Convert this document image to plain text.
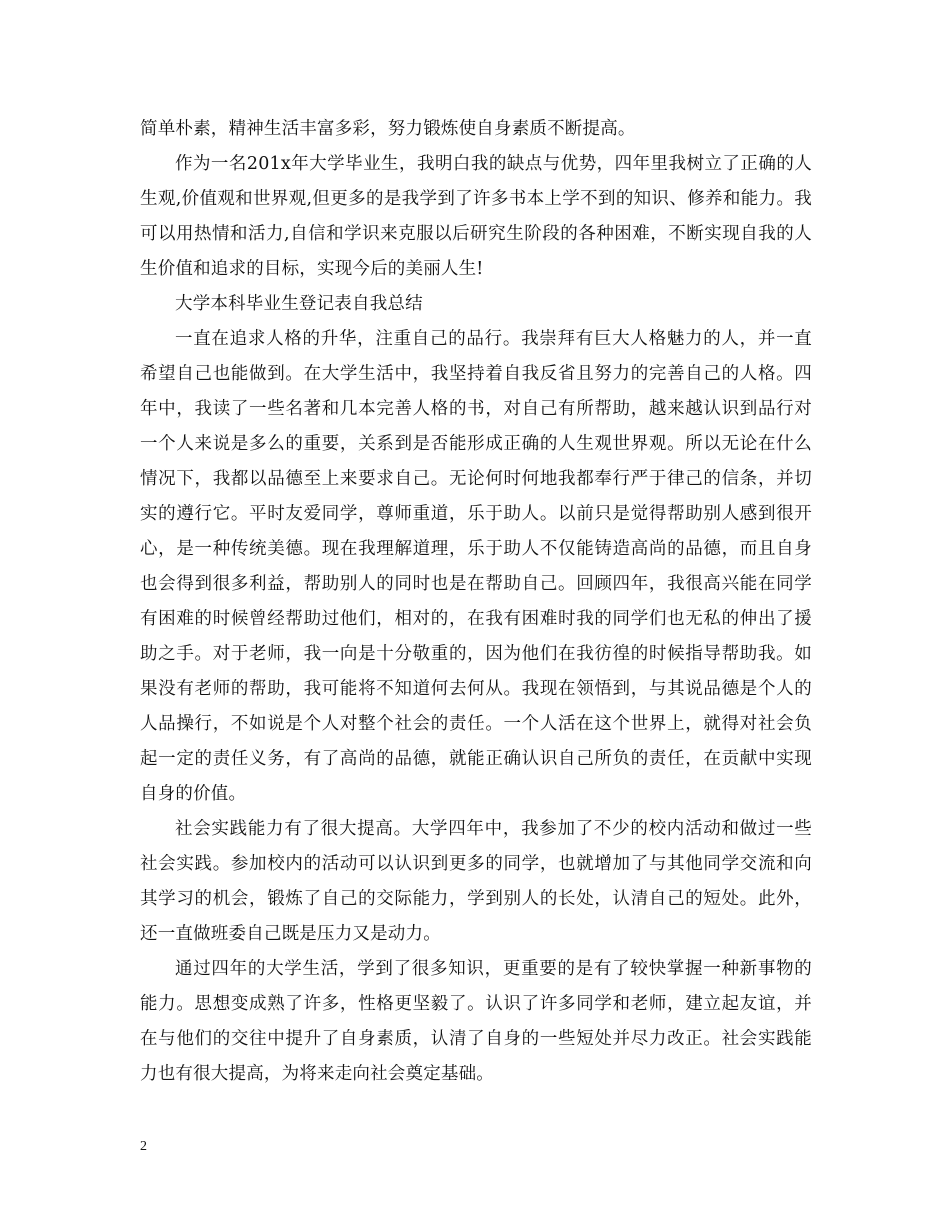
简单朴素，精神生活丰富多彩，努力锻炼使自身素质不断提高。

作为一名201x年大学毕业生，我明白我的缺点与优势，四年里我树立了正确的人生观,价值观和世界观,但更多的是我学到了许多书本上学不到的知识、修养和能力。我可以用热情和活力,自信和学识来克服以后研究生阶段的各种困难，不断实现自我的人生价值和追求的目标，实现今后的美丽人生!

大学本科毕业生登记表自我总结

一直在追求人格的升华，注重自己的品行。我崇拜有巨大人格魅力的人，并一直希望自己也能做到。在大学生活中，我坚持着自我反省且努力的完善自己的人格。四年中，我读了一些名著和几本完善人格的书，对自己有所帮助，越来越认识到品行对一个人来说是多么的重要，关系到是否能形成正确的人生观世界观。所以无论在什么情况下，我都以品德至上来要求自己。无论何时何地我都奉行严于律己的信条，并切实的遵行它。平时友爱同学，尊师重道，乐于助人。以前只是觉得帮助别人感到很开心，是一种传统美德。现在我理解道理，乐于助人不仅能铸造高尚的品德，而且自身也会得到很多利益，帮助别人的同时也是在帮助自己。回顾四年，我很高兴能在同学有困难的时候曾经帮助过他们，相对的，在我有困难时我的同学们也无私的伸出了援助之手。对于老师，我一向是十分敬重的，因为他们在我彷徨的时候指导帮助我。如果没有老师的帮助，我可能将不知道何去何从。我现在领悟到，与其说品德是个人的人品操行，不如说是个人对整个社会的责任。一个人活在这个世界上，就得对社会负起一定的责任义务，有了高尚的品德，就能正确认识自己所负的责任，在贡献中实现自身的价值。

社会实践能力有了很大提高。大学四年中，我参加了不少的校内活动和做过一些社会实践。参加校内的活动可以认识到更多的同学，也就增加了与其他同学交流和向其学习的机会，锻炼了自己的交际能力，学到别人的长处，认清自己的短处。此外，还一直做班委自己既是压力又是动力。

通过四年的大学生活，学到了很多知识，更重要的是有了较快掌握一种新事物的能力。思想变成熟了许多，性格更坚毅了。认识了许多同学和老师，建立起友谊，并在与他们的交往中提升了自身素质，认清了自身的一些短处并尽力改正。社会实践能力也有很大提高，为将来走向社会奠定基础。

2
